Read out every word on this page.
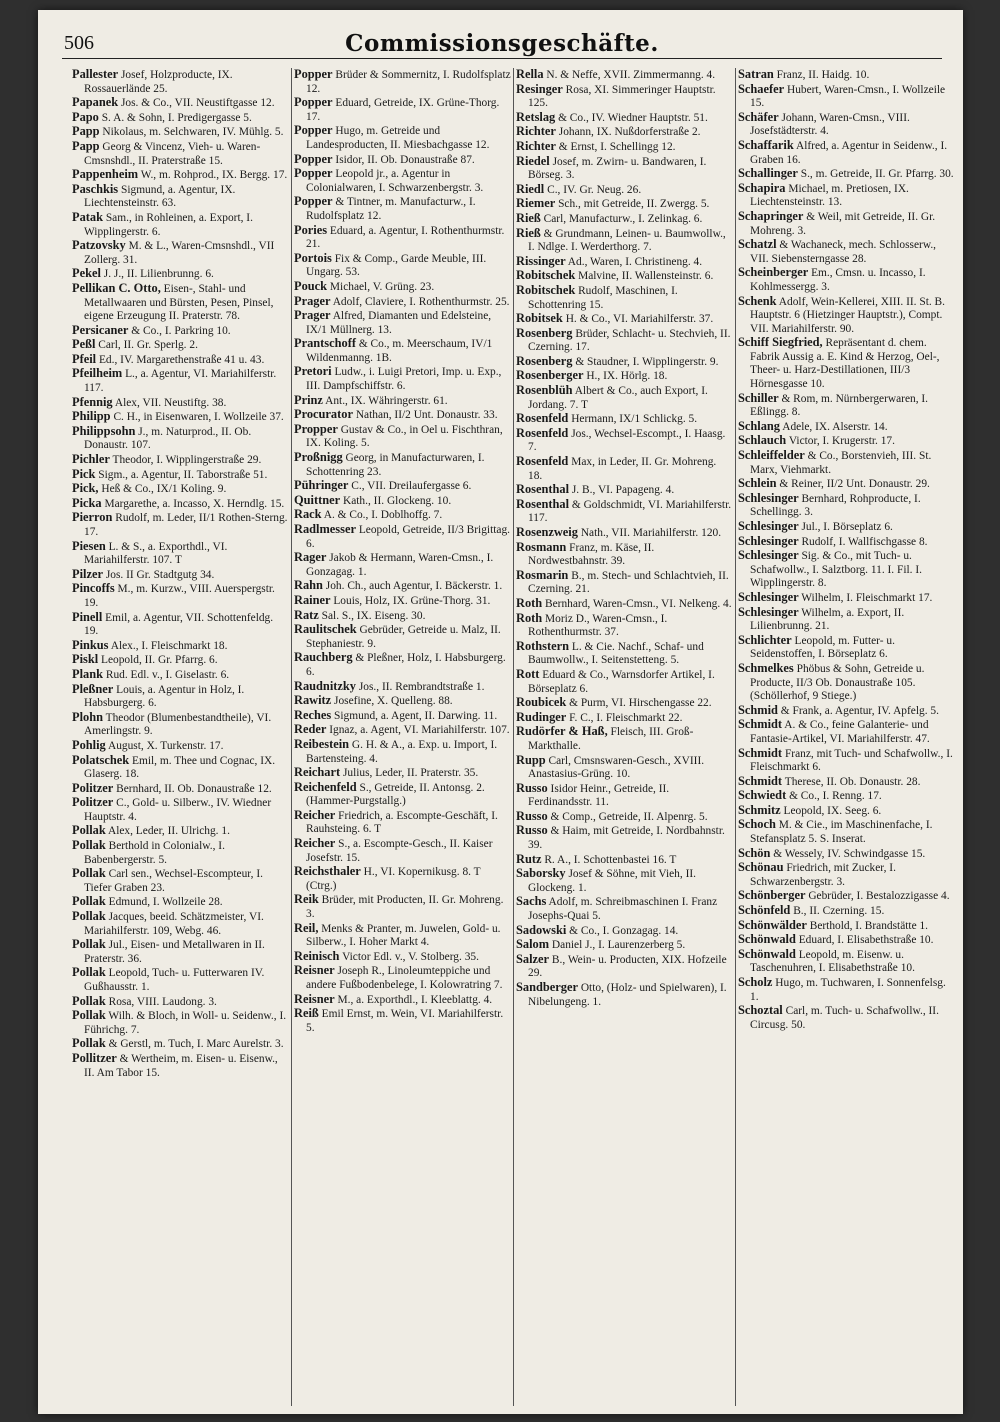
506	Commissionsgeschäfte.
Pallester Josef, Holzproducte, IX. Rossauerlände 25.
Papanek Jos. & Co., VII. Neustiftgasse 12.
Papo S. A. & Sohn, I. Predigergasse 5.
Papp Nikolaus, m. Selchwaren, IV. Mühlg. 5.
Papp Georg & Vincenz, Vieh- u. Waren-Cmsnshdl., II. Praterstraße 15.
Pappenheim W., m. Rohprod., IX. Bergg. 17.
Paschkis Sigmund, a. Agentur, IX. Liechtensteinstr. 63.
Patak Sam., in Rohleinen, a. Export, I. Wipplingerstr. 6.
Patzovsky M. & L., Waren-Cmsnshdl., VII Zollerg. 31.
Pekel J. J., II. Lilienbrunng. 6.
Pellikan C. Otto, Eisen-, Stahl- und Metallwaaren und Bürsten, Pesen, Pinsel, eigene Erzeugung II. Praterstr. 78.
Persicaner & Co., I. Parkring 10.
Peßl Carl, II. Gr. Sperlg. 2.
Pfeil Ed., IV. Margarethenstraße 41 u. 43.
Pfeilheim L., a. Agentur, VI. Mariahilferstr. 117.
Pfennig Alex, VII. Neustiftg. 38.
Philipp C. H., in Eisenwaren, I. Wollzeile 37.
Philippsohn J., m. Naturprod., II. Ob. Donaustr. 107.
Pichler Theodor, I. Wipplingerstraße 29.
Pick Sigm., a. Agentur, II. Taborstraße 51.
Pick, Heß & Co., IX/1 Koling. 9.
Picka Margarethe, a. Incasso, X. Herndlg. 15.
Pierron Rudolf, m. Leder, II/1 Rothen-Sterng. 17.
Piesen L. & S., a. Exporthdl., VI. Mariahilferstr. 107. T
Pilzer Jos. II Gr. Stadtgutg 34.
Pincoffs M., m. Kurzw., VIII. Auerspergstr. 19.
Pinell Emil, a. Agentur, VII. Schottenfeldg. 19.
Pinkus Alex., I. Fleischmarkt 18.
Piskl Leopold, II. Gr. Pfarrg. 6.
Plank Rud. Edl. v., I. Giselastr. 6.
Pleßner Louis, a. Agentur in Holz, I. Habsburgerg. 6.
Plohn Theodor (Blumenbestandtheile), VI. Amerlingstr. 9.
Pohlig August, X. Turkenstr. 17.
Polatschek Emil, m. Thee und Cognac, IX. Glaserg. 18.
Politzer Bernhard, II. Ob. Donaustraße 12.
Politzer C., Gold- u. Silberw., IV. Wiedner Hauptstr. 4.
Pollak Alex, Leder, II. Ulrichg. 1.
Pollak Berthold in Colonialw., I. Babenbergerstr. 5.
Pollak Carl sen., Wechsel-Escompteur, I. Tiefer Graben 23.
Pollak Edmund, I. Wollzeile 28.
Pollak Jacques, beeid. Schätzmeister, VI. Mariahilferstr. 109, Webg. 46.
Pollak Jul., Eisen- und Metallwaren in II. Praterstr. 36.
Pollak Leopold, Tuch- u. Futterwaren IV. Gußhausstr. 1.
Pollak Rosa, VIII. Laudong. 3.
Pollak Wilh. & Bloch, in Woll- u. Seidenw., I. Führichg. 7.
Pollak & Gerstl, m. Tuch, I. Marc Aurelstr. 3.
Pollitzer & Wertheim, m. Eisen- u. Eisenw., II. Am Tabor 15.
Popper Brüder & Sommernitz, I. Rudolfsplatz 12.
Popper Eduard, Getreide, IX. Grüne-Thorg. 17.
Popper Hugo, m. Getreide und Landesproducten, II. Miesbachgasse 12.
Popper Isidor, II. Ob. Donaustraße 87.
Popper Leopold jr., a. Agentur in Colonialwaren, I. Schwarzenbergstr. 3.
Popper & Tintner, m. Manufacturw., I. Rudolfsplatz 12.
Pories Eduard, a. Agentur, I. Rothenthurmstr. 21.
Portois Fix & Comp., Garde Meuble, III. Ungarg. 53.
Pouck Michael, V. Grüng. 23.
Prager Adolf, Claviere, I. Rothenthurmstr. 25.
Prager Alfred, Diamanten und Edelsteine, IX/1 Müllnerg. 13.
Prantschoff & Co., m. Meerschaum, IV/1 Wildenmanng. 1B.
Pretori Ludw., i. Luigi Pretori, Imp. u. Exp., III. Dampfschiffstr. 6.
Prinz Ant., IX. Währingerstr. 61.
Procurator Nathan, II/2 Unt. Donaustr. 33.
Propper Gustav & Co., in Oel u. Fischthran, IX. Koling. 5.
Proßnigg Georg, in Manufacturwaren, I. Schottenring 23.
Pühringer C., VII. Dreilaufergasse 6.
Quittner Kath., II. Glockeng. 10.
Rack A. & Co., I. Doblhoffg. 7.
Radlmesser Leopold, Getreide, II/3 Brigittag. 6.
Rager Jakob & Hermann, Waren-Cmsn., I. Gonzagag. 1.
Rahn Joh. Ch., auch Agentur, I. Bäckerstr. 1.
Rainer Louis, Holz, IX. Grüne-Thorg. 31.
Ratz Sal. S., IX. Eiseng. 30.
Raulitschek Gebrüder, Getreide u. Malz, II. Stephaniestr. 9.
Rauchberg & Pleßner, Holz, I. Habsburgerg. 6.
Raudnitzky Jos., II. Rembrandtstraße 1.
Rawitz Josefine, X. Quelleng. 88.
Reches Sigmund, a. Agent, II. Darwing. 11.
Reder Ignaz, a. Agent, VI. Mariahilferstr. 107.
Reibestein G. H. & A., a. Exp. u. Import, I. Bartensteing. 4.
Reichart Julius, Leder, II. Praterstr. 35.
Reichenfeld S., Getreide, II. Antonsg. 2. (Hammer-Purgstallg.)
Reicher Friedrich, a. Escompte-Geschäft, I. Rauhsteing. 6. T
Reicher S., a. Escompte-Gesch., II. Kaiser Josefstr. 15.
Reichsthaler H., VI. Kopernikusg. 8. T (Ctrg.)
Reik Brüder, mit Producten, II. Gr. Mohreng. 3.
Reil, Menks & Pranter, m. Juwelen, Gold- u. Silberw., I. Hoher Markt 4.
Reinisch Victor Edl. v., V. Stolberg. 35.
Reisner Joseph R., Linoleumteppiche und andere Fußbodenbelege, I. Kolowratring 7.
Reisner M., a. Exporthdl., I. Kleeblattg. 4.
Reiß Emil Ernst, m. Wein, VI. Mariahilferstr. 5.
Rella N. & Neffe, XVII. Zimmermanng. 4.
Resinger Rosa, XI. Simmeringer Hauptstr. 125.
Retslag & Co., IV. Wiedner Hauptstr. 51.
Richter Johann, IX. Nußdorferstraße 2.
Richter & Ernst, I. Schellingg 12.
Riedel Josef, m. Zwirn- u. Bandwaren, I. Börseg. 3.
Riedl C., IV. Gr. Neug. 26.
Riemer Sch., mit Getreide, II. Zwergg. 5.
Rieß Carl, Manufacturw., I. Zelinkag. 6.
Rieß & Grundmann, Leinen- u. Baumwollw., I. Ndlge. I. Werderthorg. 7.
Rissinger Ad., Waren, I. Christineng. 4.
Robitschek Malvine, II. Wallensteinstr. 6.
Robitschek Rudolf, Maschinen, I. Schottenring 15.
Robitsek H. & Co., VI. Mariahilferstr. 37.
Rosenberg Brüder, Schlacht- u. Stechvieh, II. Czerning. 17.
Rosenberg & Staudner, I. Wipplingerstr. 9.
Rosenberger H., IX. Hörlg. 18.
Rosenblüh Albert & Co., auch Export, I. Jordang. 7. T
Rosenfeld Hermann, IX/1 Schlickg. 5.
Rosenfeld Jos., Wechsel-Escompt., I. Haasg. 7.
Rosenfeld Max, in Leder, II. Gr. Mohreng. 18.
Rosenthal J. B., VI. Papageng. 4.
Rosenthal & Goldschmidt, VI. Mariahilferstr. 117.
Rosenzweig Nath., VII. Mariahilferstr. 120.
Rosmann Franz, m. Käse, II. Nordwestbahnstr. 39.
Rosmarin B., m. Stech- und Schlachtvieh, II. Czerning. 21.
Roth Bernhard, Waren-Cmsn., VI. Nelkeng. 4.
Roth Moriz D., Waren-Cmsn., I. Rothenthurmstr. 37.
Rothstern L. & Cie. Nachf., Schaf- und Baumwollw., I. Seitenstetteng. 5.
Rott Eduard & Co., Warnsdorfer Artikel, I. Börseplatz 6.
Roubicek & Purm, VI. Hirschengasse 22.
Rudinger F. C., I. Fleischmarkt 22.
Rudörfer & Haß, Fleisch, III. Groß-Markthalle.
Rupp Carl, Cmsnswaren-Gesch., XVIII. Anastasius-Grüng. 10.
Russo Isidor Heinr., Getreide, II. Ferdinandsstr. 11.
Russo & Comp., Getreide, II. Alpenrg. 5.
Russo & Haim, mit Getreide, I. Nordbahnstr. 39.
Rutz R. A., I. Schottenbastei 16. T
Saborsky Josef & Söhne, mit Vieh, II. Glockeng. 1.
Sachs Adolf, m. Schreibmaschinen I. Franz Josephs-Quai 5.
Sadowski & Co., I. Gonzagag. 14.
Salom Daniel J., I. Laurenzerberg 5.
Salzer B., Wein- u. Producten, XIX. Hofzeile 29.
Sandberger Otto, (Holz- und Spielwaren), I. Nibelungeng. 1.
Satran Franz, II. Haidg. 10.
Schaefer Hubert, Waren-Cmsn., I. Wollzeile 15.
Schäfer Johann, Waren-Cmsn., VIII. Josefstädterstr. 4.
Schaffarik Alfred, a. Agentur in Seidenw., I. Graben 16.
Schallinger S., m. Getreide, II. Gr. Pfarrg. 30.
Schapira Michael, m. Pretiosen, IX. Liechtensteinstr. 13.
Schapringer & Weil, mit Getreide, II. Gr. Mohreng. 3.
Schatzl & Wachaneck, mech. Schlosserw., VII. Siebensterngasse 28.
Scheinberger Em., Cmsn. u. Incasso, I. Kohlmessergg. 3.
Schenk Adolf, Wein-Kellerei, XIII. II. St. B. Hauptstr. 6 (Hietzinger Hauptstr.), Compt. VII. Mariahilferstr. 90.
Schiff Siegfried, Repräsentant d. chem. Fabrik Aussig a. E. Kind & Herzog, Oel-, Theer- u. Harz-Destillationen, III/3 Hörnesgasse 10.
Schiller & Rom, m. Nürnbergerwaren, I. Eßlingg. 8.
Schlang Adele, IX. Alserstr. 14.
Schlauch Victor, I. Krugerstr. 17.
Schleiffelder & Co., Borstenvieh, III. St. Marx, Viehmarkt.
Schlein & Reiner, II/2 Unt. Donaustr. 29.
Schlesinger Bernhard, Rohproducte, I. Schellingg. 3.
Schlesinger Jul., I. Börseplatz 6.
Schlesinger Rudolf, I. Wallfischgasse 8.
Schlesinger Sig. & Co., mit Tuch- u. Schafwollw., I. Salztborg. 11. I. Fil. I. Wipplingerstr. 8.
Schlesinger Wilhelm, I. Fleischmarkt 17.
Schlesinger Wilhelm, a. Export, II. Lilienbrunng. 21.
Schlichter Leopold, m. Futter- u. Seidenstoffen, I. Börseplatz 6.
Schmelkes Phöbus & Sohn, Getreide u. Producte, II/3 Ob. Donaustraße 105. (Schöllerhof, 9 Stiege.)
Schmid & Frank, a. Agentur, IV. Apfelg. 5.
Schmidt A. & Co., feine Galanterie- und Fantasie-Artikel, VI. Mariahilferstr. 47.
Schmidt Franz, mit Tuch- und Schafwollw., I. Fleischmarkt 6.
Schmidt Therese, II. Ob. Donaustr. 28.
Schwiedt & Co., I. Renng. 17.
Schmitz Leopold, IX. Seeg. 6.
Schoch M. & Cie., im Maschinenfache, I. Stefansplatz 5. S. Inserat.
Schön & Wessely, IV. Schwindgasse 15.
Schönau Friedrich, mit Zucker, I. Schwarzenbergstr. 3.
Schönberger Gebrüder, I. Bestalozzigasse 4.
Schönfeld B., II. Czerning. 15.
Schönwälder Berthold, I. Brandstätte 1.
Schönwald Eduard, I. Elisabethstraße 10.
Schönwald Leopold, m. Eisenw. u. Taschenuhren, I. Elisabethstraße 10.
Scholz Hugo, m. Tuchwaren, I. Sonnenfelsg. 1.
Schoztal Carl, m. Tuch- u. Schafwollw., II. Circusg. 50.
